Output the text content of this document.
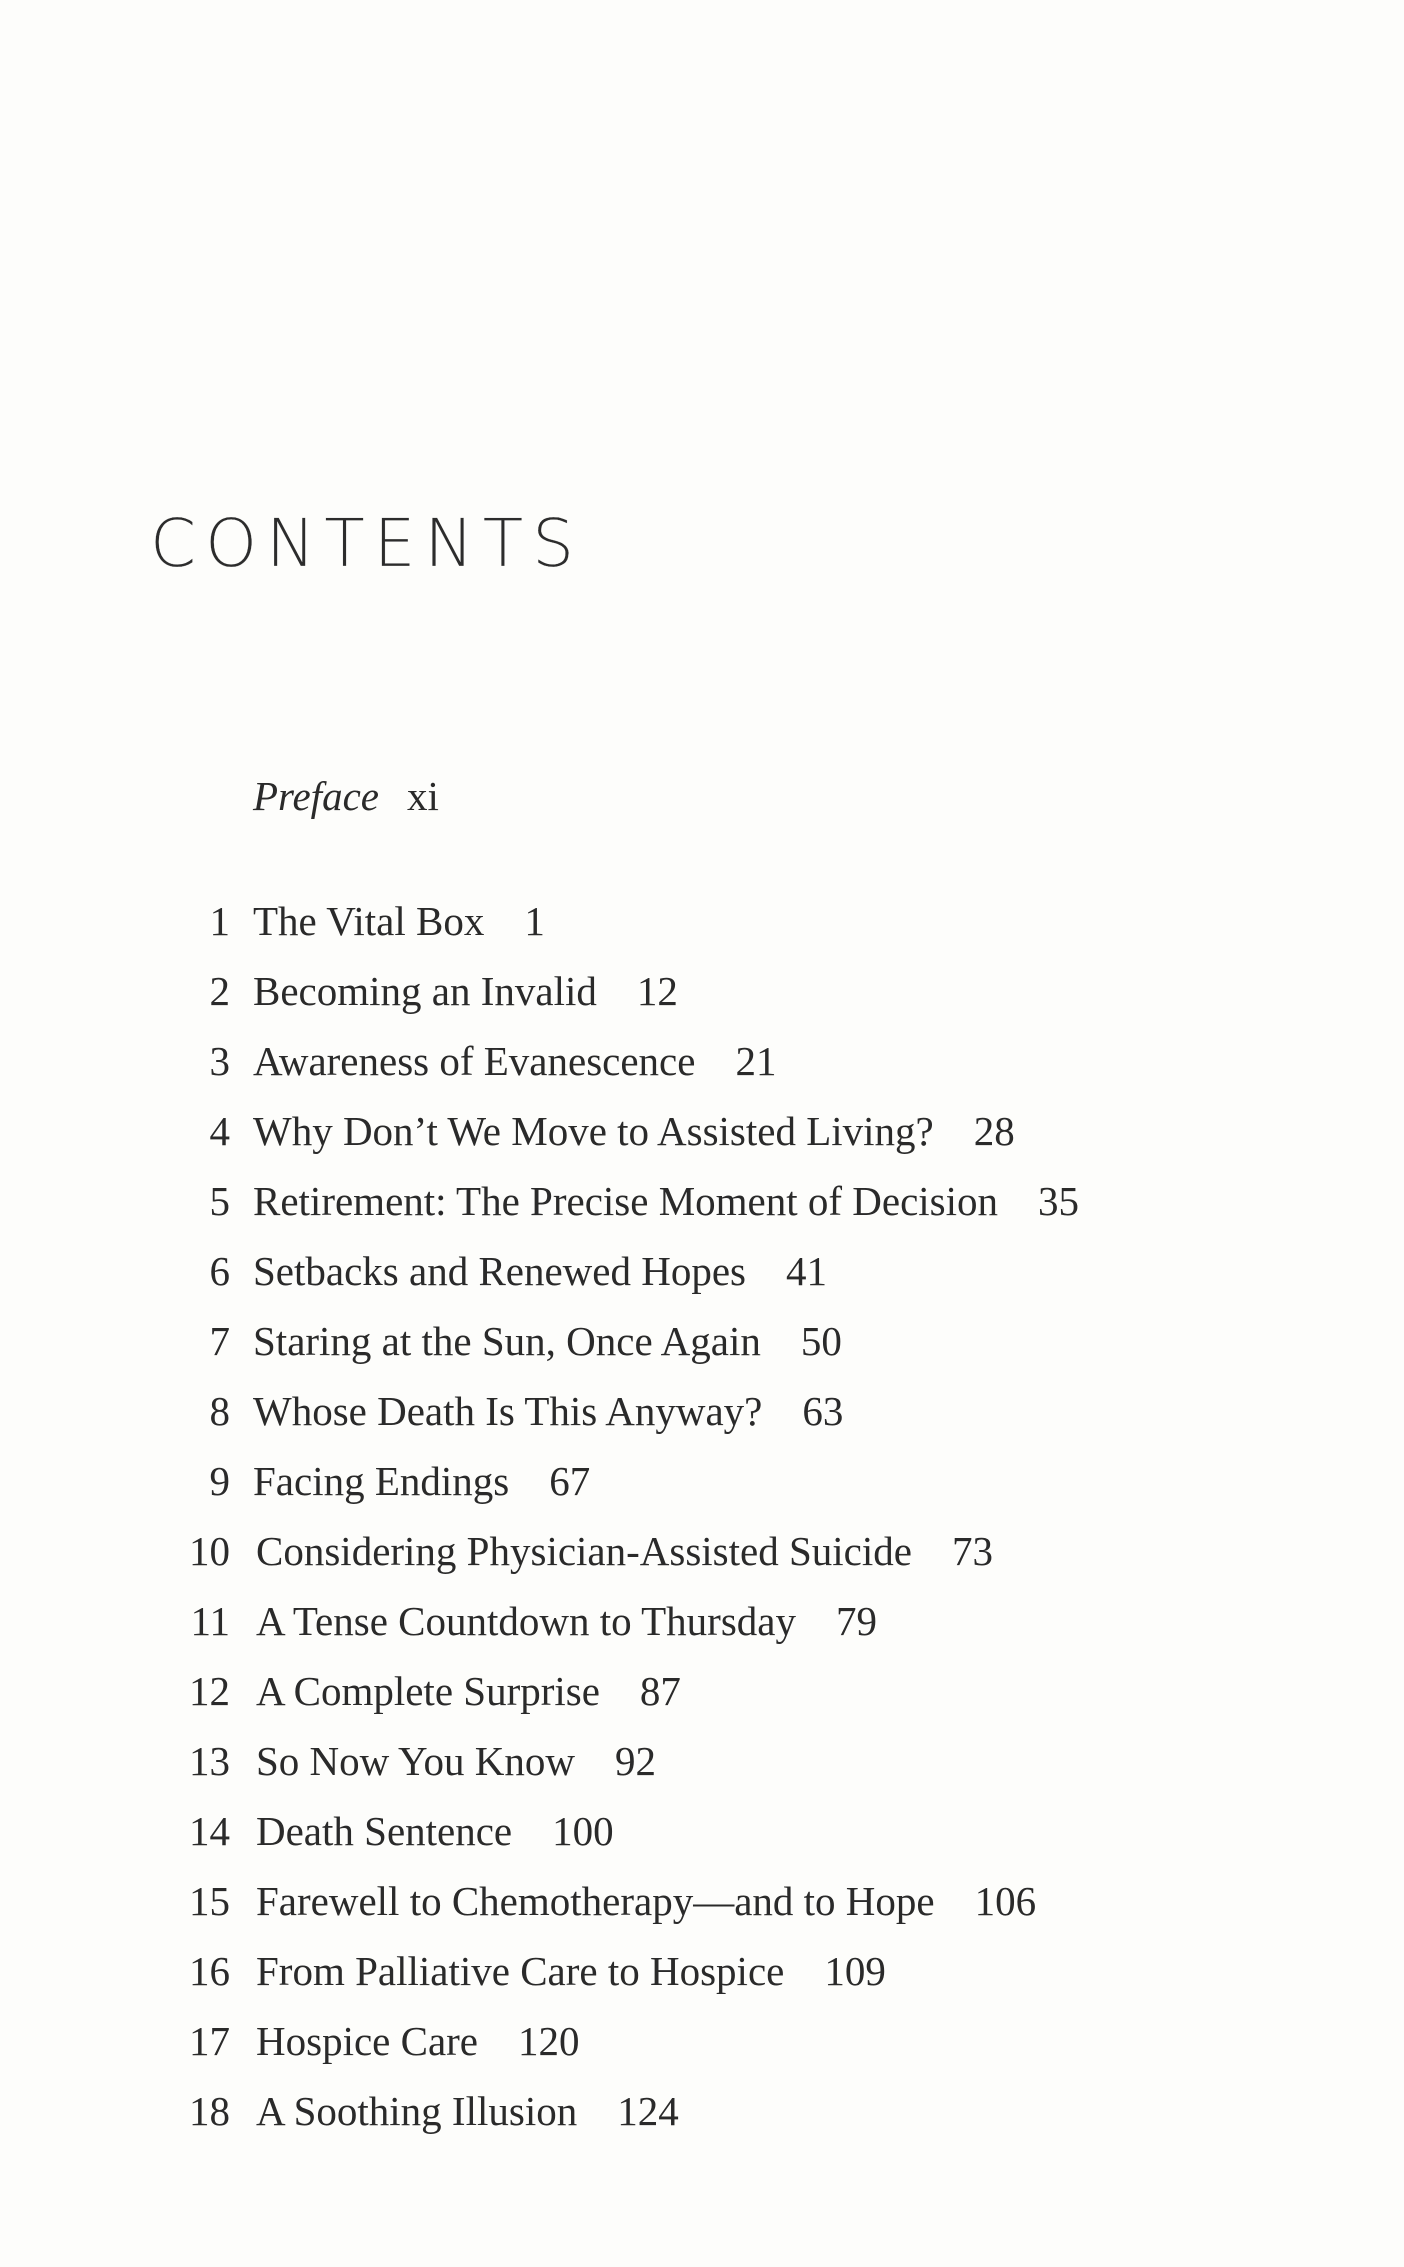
CONTENTS
Preface xi
1 The Vital Box 1
2 Becoming an Invalid 12
3 Awareness of Evanescence 21
4 Why Don’t We Move to Assisted Living? 28
5 Retirement: The Precise Moment of Decision 35
6 Setbacks and Renewed Hopes 41
7 Staring at the Sun, Once Again 50
8 Whose Death Is This Anyway? 63
9 Facing Endings 67
10 Considering Physician-Assisted Suicide 73
11 A Tense Countdown to Thursday 79
12 A Complete Surprise 87
13 So Now You Know 92
14 Death Sentence 100
15 Farewell to Chemotherapy—and to Hope 106
16 From Palliative Care to Hospice 109
17 Hospice Care 120
18 A Soothing Illusion 124
